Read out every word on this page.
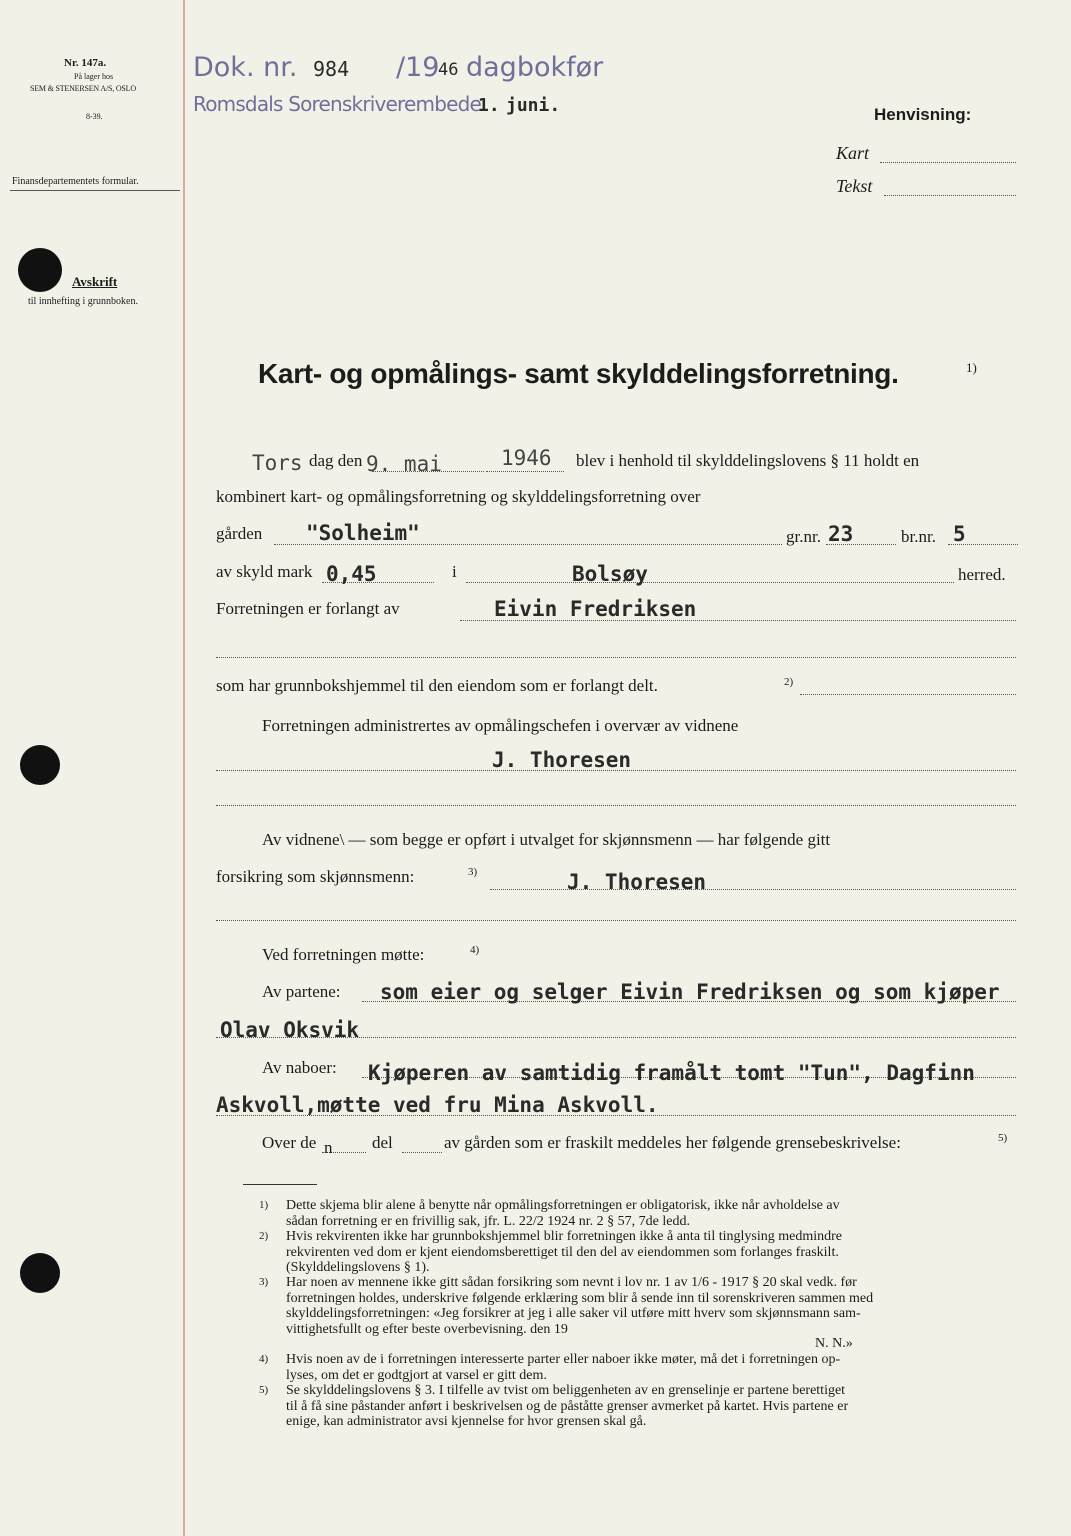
Nr. 147a.
På lager hos
SEM & STENERSEN A/S, OSLO
8-39.
Finansdepartementets formular.
Avskrift
til innhefting i grunnboken.
Dok. nr. 984 /19
46 dagbokfør
Romsdals Sorenskriverembede
1. juni.	Henvisning:
Kart
Tekst
Kart- og opmålings- samt skylddelingsforretning.	1)
Tors dag den 9. mai	1946 blev i henhold til skylddelingslovens § 11 holdt en
kombinert kart- og opmålingsforretning og skylddelingsforretning over
gården "Solheim"	gr.nr. 23	br.nr. 5
av skyld mark 0,45	i	Bolsøy	herred.
Forretningen er forlangt av	Eivin Fredriksen
som har grunnbokshjemmel til den eiendom som er forlangt delt.	2)
Forretningen administrertes av opmålingschefen i overvær av vidnene
J. Thoresen
Av vidnene\ — som begge er opført i utvalget for skjønnsmenn — har følgende gitt
forsikring som skjønnsmenn:	3)	J. Thoresen
Ved forretningen møtte:	4)
Av partene: som eier og selger Eivin Fredriksen og som kjøper
Olav Oksvik
Av naboer: Kjøperen av samtidig framålt tomt "Tun", Dagfinn
Askvoll,møtte ved fru Mina Askvoll.
Over de n del	av gården som er fraskilt meddeles her følgende grensebeskrivelse:	5)
1) Dette skjema blir alene å benytte når opmålingsforretningen er obligatorisk, ikke når avholdelse av
sådan forretning er en frivillig sak, jfr. L. 22/2 1924 nr. 2 § 57, 7de ledd.
2) Hvis rekvirenten ikke har grunnbokshjemmel blir forretningen ikke å anta til tinglysing medmindre
rekvirenten ved dom er kjent eiendomsberettiget til den del av eiendommen som forlanges fraskilt.
(Skylddelingslovens § 1).
3) Har noen av mennene ikke gitt sådan forsikring som nevnt i lov nr. 1 av 1/6 - 1917 § 20 skal vedk. før
forretningen holdes, underskrive følgende erklæring som blir å sende inn til sorenskriveren sammen med
skylddelingsforretningen: «Jeg forsikrer at jeg i alle saker vil utføre mitt hverv som skjønnsmann sam-
vittighetsfullt og efter beste overbevisning. den 19
N. N.»
4) Hvis noen av de i forretningen interesserte parter eller naboer ikke møter, må det i forretningen op-
lyses, om det er godtgjort at varsel er gitt dem.
5) Se skylddelingslovens § 3. I tilfelle av tvist om beliggenheten av en grenselinje er partene berettiget
til å få sine påstander anført i beskrivelsen og de påståtte grenser avmerket på kartet. Hvis partene er
enige, kan administrator avsi kjennelse for hvor grensen skal gå.
